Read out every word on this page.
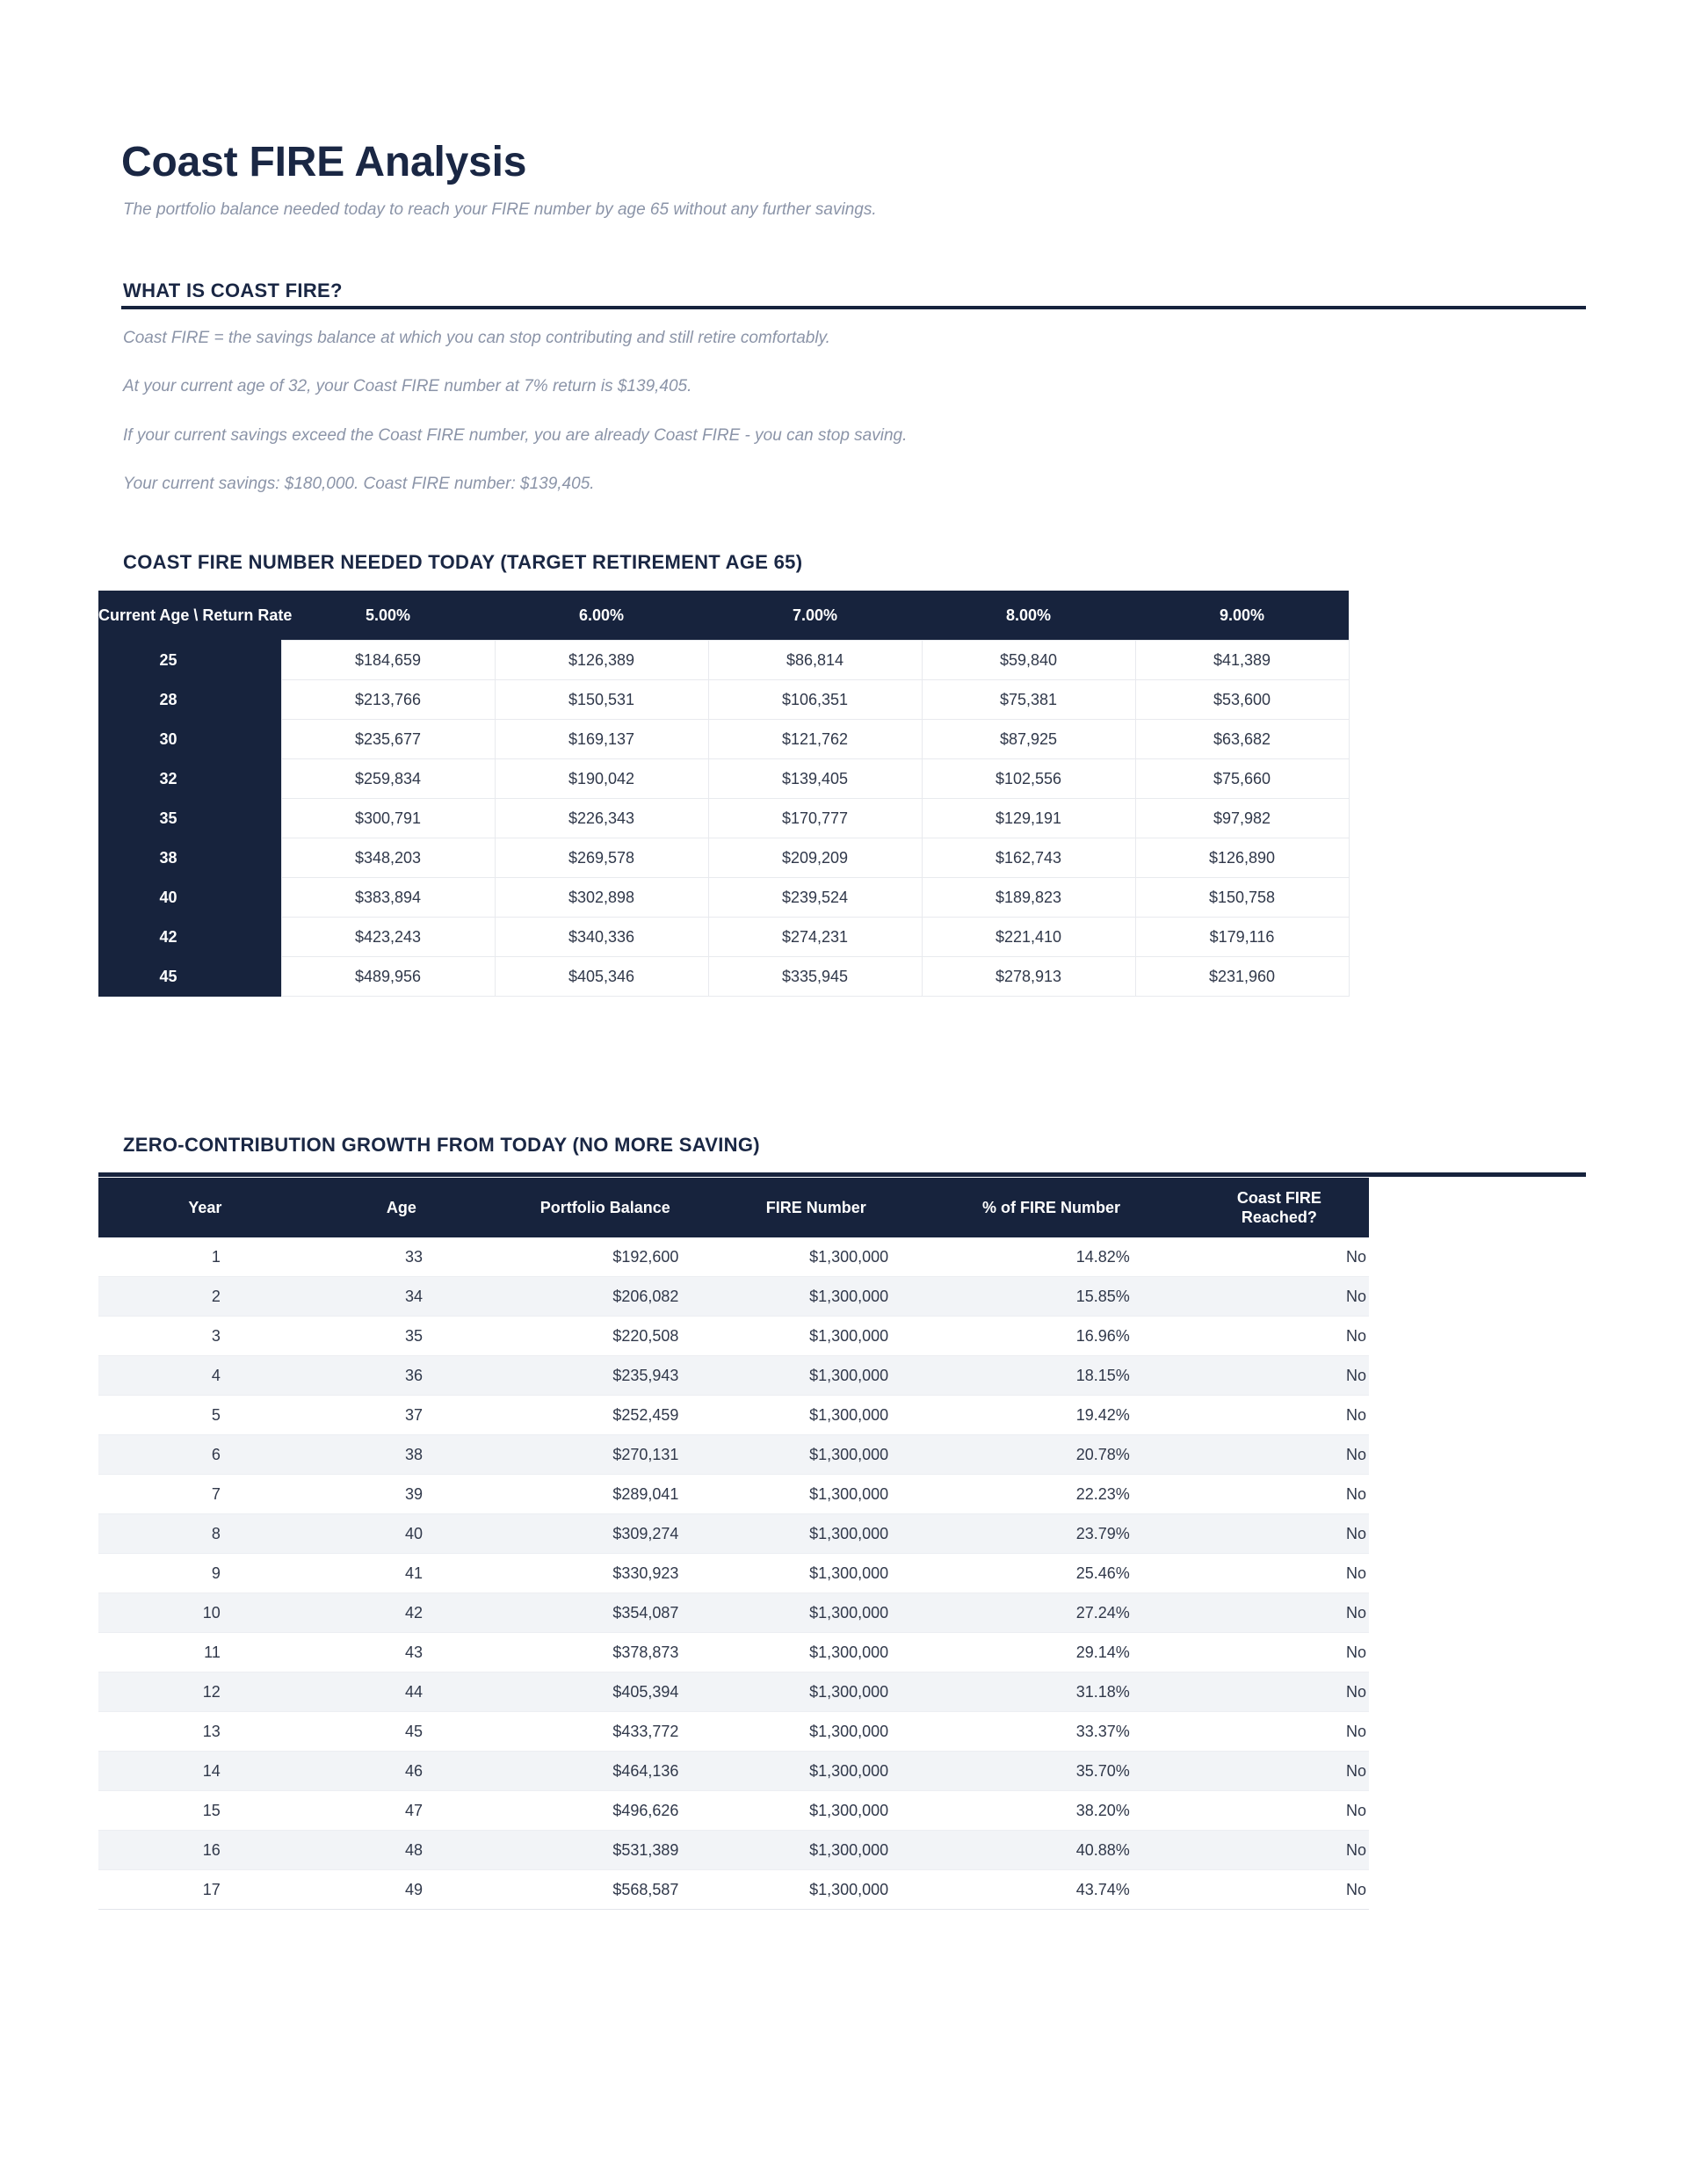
Coast FIRE Analysis
The portfolio balance needed today to reach your FIRE number by age 65 without any further savings.
WHAT IS COAST FIRE?
Coast FIRE = the savings balance at which you can stop contributing and still retire comfortably.
At your current age of 32, your Coast FIRE number at 7% return is $139,405.
If your current savings exceed the Coast FIRE number, you are already Coast FIRE - you can stop saving.
Your current savings: $180,000. Coast FIRE number: $139,405.
COAST FIRE NUMBER NEEDED TODAY (TARGET RETIREMENT AGE 65)
Current Age \ Return Rate	5.00%	6.00%	7.00%	8.00%	9.00%
25	$184,659	$126,389	$86,814	$59,840	$41,389
28	$213,766	$150,531	$106,351	$75,381	$53,600
30	$235,677	$169,137	$121,762	$87,925	$63,682
32	$259,834	$190,042	$139,405	$102,556	$75,660
35	$300,791	$226,343	$170,777	$129,191	$97,982
38	$348,203	$269,578	$209,209	$162,743	$126,890
40	$383,894	$302,898	$239,524	$189,823	$150,758
42	$423,243	$340,336	$274,231	$221,410	$179,116
45	$489,956	$405,346	$335,945	$278,913	$231,960
ZERO-CONTRIBUTION GROWTH FROM TODAY (NO MORE SAVING)
Year	Age	Portfolio Balance	FIRE Number	% of FIRE Number	Coast FIRE
Reached?
1	33	$192,600	$1,300,000	14.82%	No
2	34	$206,082	$1,300,000	15.85%	No
3	35	$220,508	$1,300,000	16.96%	No
4	36	$235,943	$1,300,000	18.15%	No
5	37	$252,459	$1,300,000	19.42%	No
6	38	$270,131	$1,300,000	20.78%	No
7	39	$289,041	$1,300,000	22.23%	No
8	40	$309,274	$1,300,000	23.79%	No
9	41	$330,923	$1,300,000	25.46%	No
10	42	$354,087	$1,300,000	27.24%	No
11	43	$378,873	$1,300,000	29.14%	No
12	44	$405,394	$1,300,000	31.18%	No
13	45	$433,772	$1,300,000	33.37%	No
14	46	$464,136	$1,300,000	35.70%	No
15	47	$496,626	$1,300,000	38.20%	No
16	48	$531,389	$1,300,000	40.88%	No
17	49	$568,587	$1,300,000	43.74%	No
